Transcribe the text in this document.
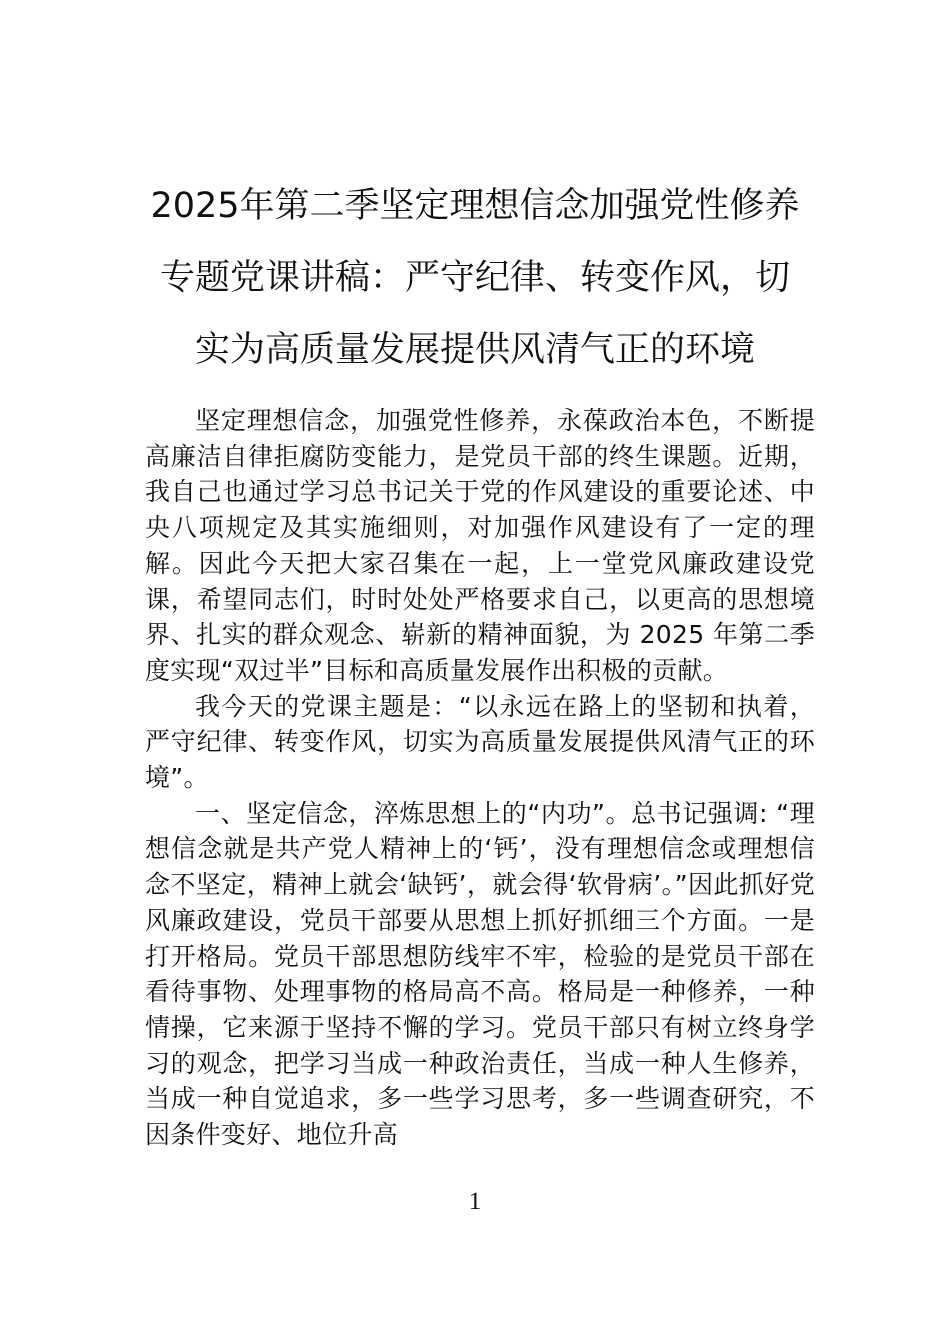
2025年第二季坚定理想信念加强党性修养
专题党课讲稿：严守纪律、转变作风，切
实为高质量发展提供风清气正的环境

坚定理想信念，加强党性修养，永葆政治本色，不断提高廉洁自律拒腐防变能力，是党员干部的终生课题。近期，我自己也通过学习总书记关于党的作风建设的重要论述、中央八项规定及其实施细则，对加强作风建设有了一定的理解。因此今天把大家召集在一起，上一堂党风廉政建设党课，希望同志们，时时处处严格要求自己，以更高的思想境界、扎实的群众观念、崭新的精神面貌，为 2025 年第二季度实现“双过半”目标和高质量发展作出积极的贡献。

我今天的党课主题是：“以永远在路上的坚韧和执着，严守纪律、转变作风，切实为高质量发展提供风清气正的环境”。

一、坚定信念，淬炼思想上的“内功”。总书记强调: “理想信念就是共产党人精神上的‘钙’，没有理想信念或理想信念不坚定，精神上就会‘缺钙’，就会得‘软骨病’。”因此抓好党风廉政建设，党员干部要从思想上抓好抓细三个方面。一是打开格局。党员干部思想防线牢不牢，检验的是党员干部在看待事物、处理事物的格局高不高。格局是一种修养，一种情操，它来源于坚持不懈的学习。党员干部只有树立终身学习的观念，把学习当成一种政治责任，当成一种人生修养，当成一种自觉追求，多一些学习思考，多一些调查研究，不因条件变好、地位升高

1
